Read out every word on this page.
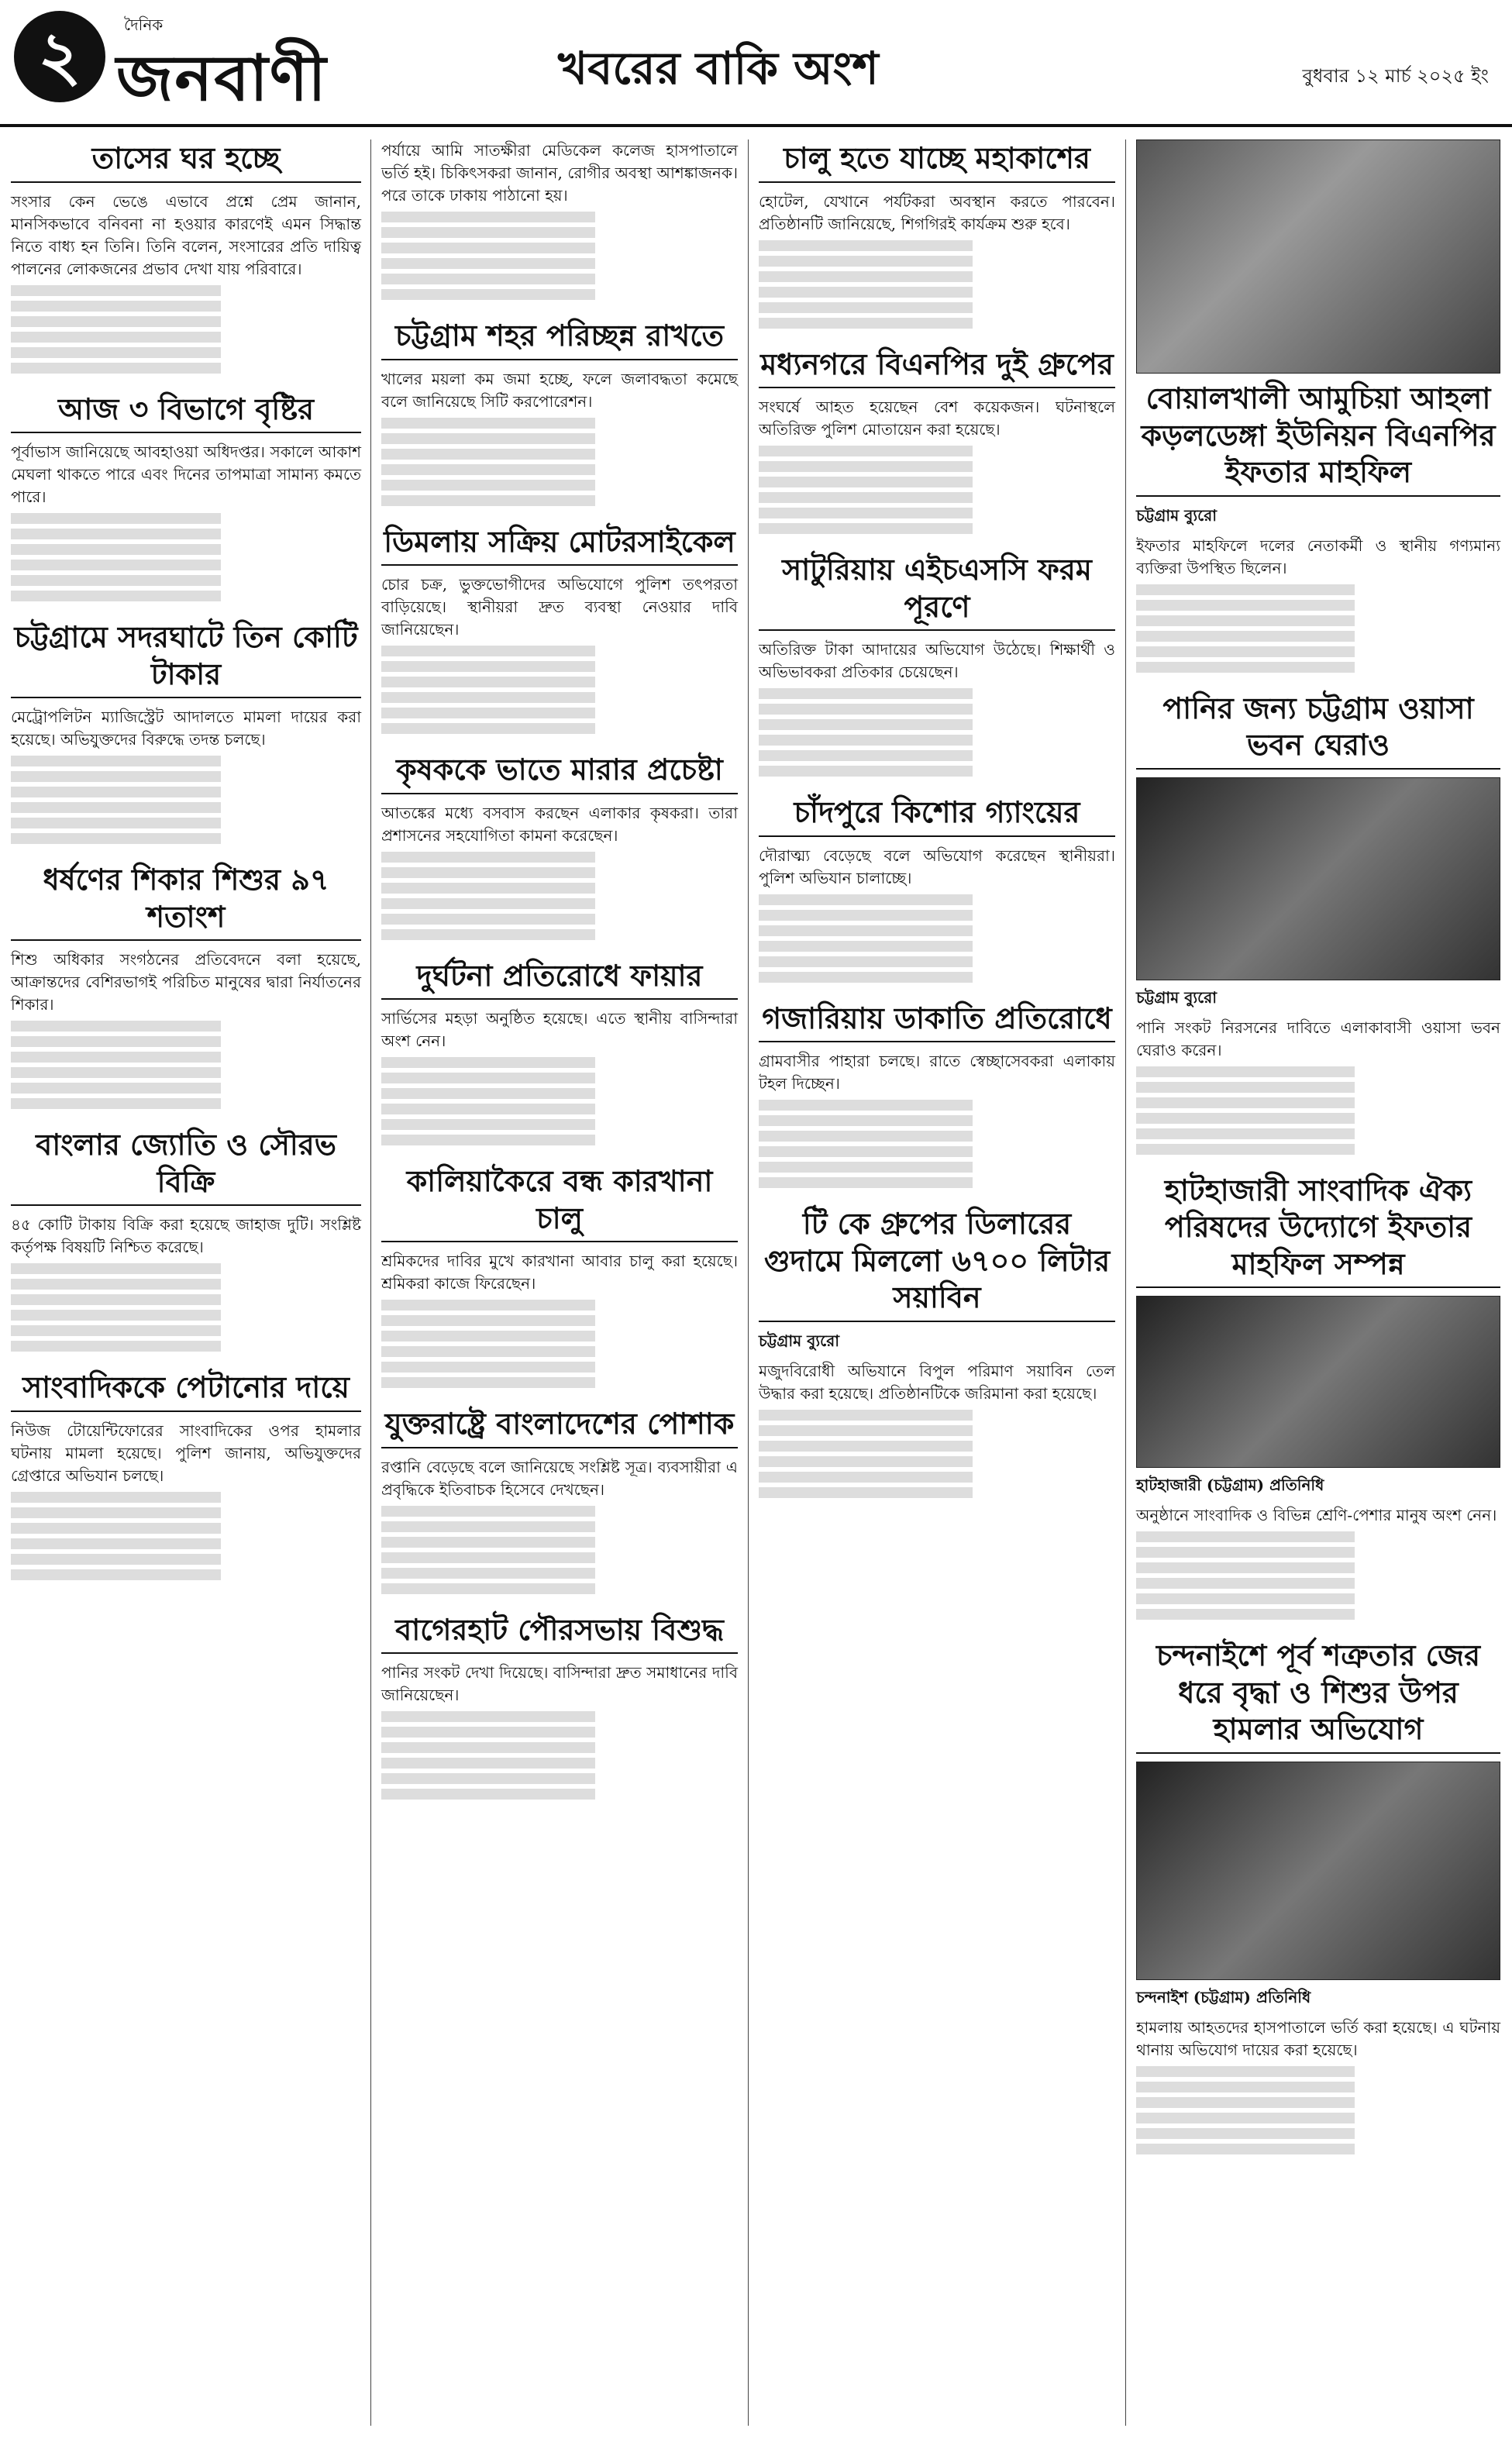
২	দৈনিক
জনবাণী	খবরের বাকি অংশ	বুধবার ১২ মার্চ ২০২৫ ইং
তাসের ঘর হচ্ছে

সংসার কেন ভেঙে এভাবে প্রশ্নে প্রেম জানান, মানসিকভাবে বনিবনা না হওয়ার কারণেই এমন সিদ্ধান্ত নিতে বাধ্য হন তিনি। তিনি বলেন, সংসারের প্রতি দায়িত্ব পালনের লোকজনের প্রভাব দেখা যায় পরিবারে।

আজ ৩ বিভাগে বৃষ্টির

পূর্বাভাস জানিয়েছে আবহাওয়া অধিদপ্তর। সকালে আকাশ মেঘলা থাকতে পারে এবং দিনের তাপমাত্রা সামান্য কমতে পারে।

চট্টগ্রামে সদরঘাটে তিন কোটি টাকার

মেট্রোপলিটন ম্যাজিস্ট্রেট আদালতে মামলা দায়ের করা হয়েছে। অভিযুক্তদের বিরুদ্ধে তদন্ত চলছে।

ধর্ষণের শিকার শিশুর ৯৭ শতাংশ

শিশু অধিকার সংগঠনের প্রতিবেদনে বলা হয়েছে, আক্রান্তদের বেশিরভাগই পরিচিত মানুষের দ্বারা নির্যাতনের শিকার।

বাংলার জ্যোতি ও সৌরভ বিক্রি

৪৫ কোটি টাকায় বিক্রি করা হয়েছে জাহাজ দুটি। সংশ্লিষ্ট কর্তৃপক্ষ বিষয়টি নিশ্চিত করেছে।

সাংবাদিককে পেটানোর দায়ে

নিউজ টোয়েন্টিফোরের সাংবাদিকের ওপর হামলার ঘটনায় মামলা হয়েছে। পুলিশ জানায়, অভিযুক্তদের গ্রেপ্তারে অভিযান চলছে।

পর্যায়ে আমি সাতক্ষীরা মেডিকেল কলেজ হাসপাতালে ভর্তি হই। চিকিৎসকরা জানান, রোগীর অবস্থা আশঙ্কাজনক। পরে তাকে ঢাকায় পাঠানো হয়।

চট্টগ্রাম শহর পরিচ্ছন্ন রাখতে

খালের ময়লা কম জমা হচ্ছে, ফলে জলাবদ্ধতা কমেছে বলে জানিয়েছে সিটি করপোরেশন।

ডিমলায় সক্রিয় মোটরসাইকেল

চোর চক্র, ভুক্তভোগীদের অভিযোগে পুলিশ তৎপরতা বাড়িয়েছে। স্থানীয়রা দ্রুত ব্যবস্থা নেওয়ার দাবি জানিয়েছেন।

কৃষককে ভাতে মারার প্রচেষ্টা

আতঙ্কের মধ্যে বসবাস করছেন এলাকার কৃষকরা। তারা প্রশাসনের সহযোগিতা কামনা করেছেন।

দুর্ঘটনা প্রতিরোধে ফায়ার

সার্ভিসের মহড়া অনুষ্ঠিত হয়েছে। এতে স্থানীয় বাসিন্দারা অংশ নেন।

কালিয়াকৈরে বন্ধ কারখানা চালু

শ্রমিকদের দাবির মুখে কারখানা আবার চালু করা হয়েছে। শ্রমিকরা কাজে ফিরেছেন।

যুক্তরাষ্ট্রে বাংলাদেশের পোশাক

রপ্তানি বেড়েছে বলে জানিয়েছে সংশ্লিষ্ট সূত্র। ব্যবসায়ীরা এ প্রবৃদ্ধিকে ইতিবাচক হিসেবে দেখছেন।

বাগেরহাট পৌরসভায় বিশুদ্ধ

পানির সংকট দেখা দিয়েছে। বাসিন্দারা দ্রুত সমাধানের দাবি জানিয়েছেন।

চালু হতে যাচ্ছে মহাকাশের

হোটেল, যেখানে পর্যটকরা অবস্থান করতে পারবেন। প্রতিষ্ঠানটি জানিয়েছে, শিগগিরই কার্যক্রম শুরু হবে।

মধ্যনগরে বিএনপির দুই গ্রুপের

সংঘর্ষে আহত হয়েছেন বেশ কয়েকজন। ঘটনাস্থলে অতিরিক্ত পুলিশ মোতায়েন করা হয়েছে।

সাটুরিয়ায় এইচএসসি ফরম পূরণে

অতিরিক্ত টাকা আদায়ের অভিযোগ উঠেছে। শিক্ষার্থী ও অভিভাবকরা প্রতিকার চেয়েছেন।

চাঁদপুরে কিশোর গ্যাংয়ের

দৌরাত্ম্য বেড়েছে বলে অভিযোগ করেছেন স্থানীয়রা। পুলিশ অভিযান চালাচ্ছে।

গজারিয়ায় ডাকাতি প্রতিরোধে

গ্রামবাসীর পাহারা চলছে। রাতে স্বেচ্ছাসেবকরা এলাকায় টহল দিচ্ছেন।

টি কে গ্রুপের ডিলারের গুদামে মিললো ৬৭০০ লিটার সয়াবিন
চট্টগ্রাম ব্যুরো

মজুদবিরোধী অভিযানে বিপুল পরিমাণ সয়াবিন তেল উদ্ধার করা হয়েছে। প্রতিষ্ঠানটিকে জরিমানা করা হয়েছে।

বোয়ালখালী আমুচিয়া আহলা কড়লডেঙ্গা ইউনিয়ন বিএনপির ইফতার মাহফিল
চট্টগ্রাম ব্যুরো

ইফতার মাহফিলে দলের নেতাকর্মী ও স্থানীয় গণ্যমান্য ব্যক্তিরা উপস্থিত ছিলেন।

পানির জন্য চট্টগ্রাম ওয়াসা ভবন ঘেরাও
চট্টগ্রাম ব্যুরো

পানি সংকট নিরসনের দাবিতে এলাকাবাসী ওয়াসা ভবন ঘেরাও করেন।

হাটহাজারী সাংবাদিক ঐক্য পরিষদের উদ্যোগে ইফতার মাহফিল সম্পন্ন
হাটহাজারী (চট্টগ্রাম) প্রতিনিধি

অনুষ্ঠানে সাংবাদিক ও বিভিন্ন শ্রেণি-পেশার মানুষ অংশ নেন।

চন্দনাইশে পূর্ব শত্রুতার জের ধরে বৃদ্ধা ও শিশুর উপর হামলার অভিযোগ
চন্দনাইশ (চট্টগ্রাম) প্রতিনিধি

হামলায় আহতদের হাসপাতালে ভর্তি করা হয়েছে। এ ঘটনায় থানায় অভিযোগ দায়ের করা হয়েছে।
